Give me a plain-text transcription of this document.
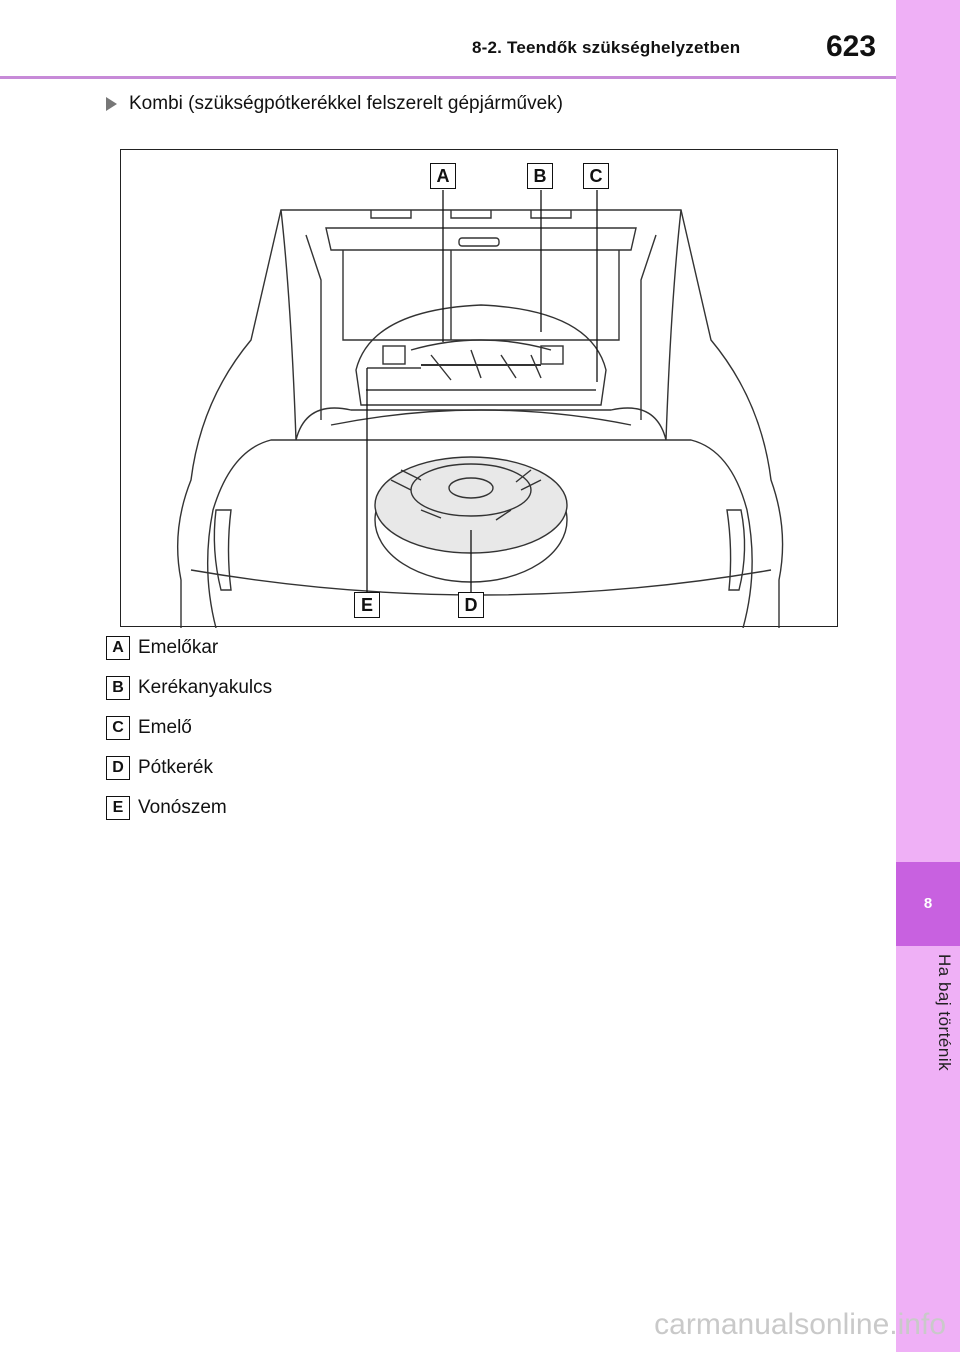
8-2. Teendők szükséghelyzetben	623
8
Ha baj történik
Kombi (szükségpótkerékkel felszerelt gépjárművek)
A	B	C
E	D
A Emelőkar
B Kerékanyakulcs
C Emelő
D Pótkerék
E Vonószem
carmanualsonline.info
